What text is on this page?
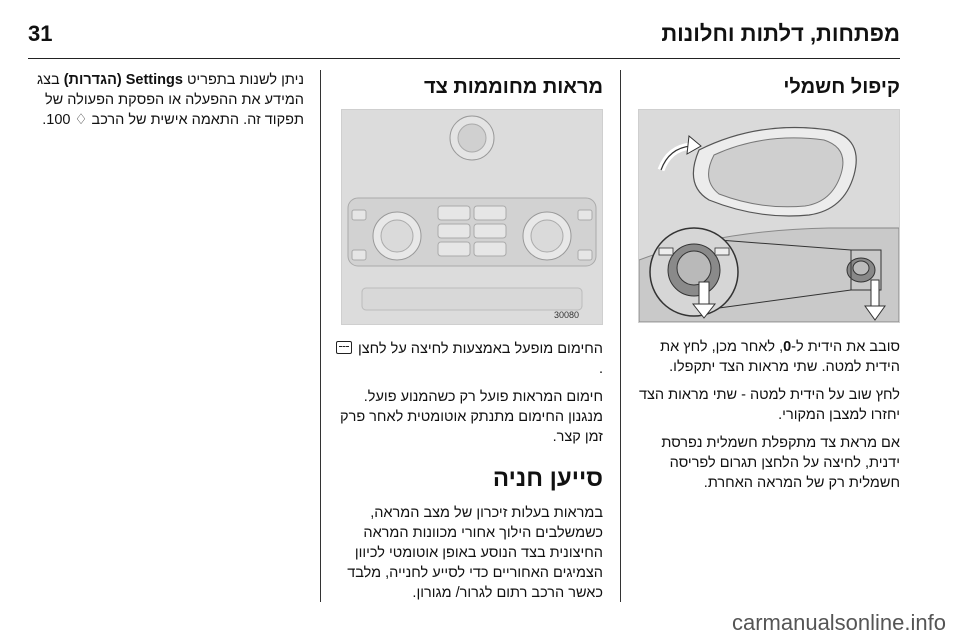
מפתחות, דלתות וחלונות
31
קיפול חשמלי

סובב את הידית ל-0, לאחר מכן, לחץ את הידית למטה. שתי מראות הצד יתקפלו.

לחץ שוב על הידית למטה - שתי מראות הצד יחזרו למצבן המקורי.

אם מראת צד מתקפלת חשמלית נפרסת ידנית, לחיצה על הלחצן תגרום לפריסה חשמלית רק של המראה האחרת.

מראות מחוממות צד
30080

החימום מופעל באמצעות לחיצה על לחצן .

חימום המראות פועל רק כשהמנוע פועל. מנגנון החימום מתנתק אוטומטית לאחר פרק זמן קצר.

סייען חניה

במראות בעלות זיכרון של מצב המראה, כשמשלבים הילוך אחורי מכוונות המראה החיצונית בצד הנוסע באופן אוטומטי לכיוון הצמיגים האחוריים כדי לסייע לחנייה, מלבד כאשר הרכב רתום לגרור/ מגורון.

ניתן לשנות בתפריט Settings (הגדרות) בצג המידע את ההפעלה או הפסקת הפעולה של תפקוד זה. התאמה אישית של הרכב ♢ 100.

carmanualsonline.info
